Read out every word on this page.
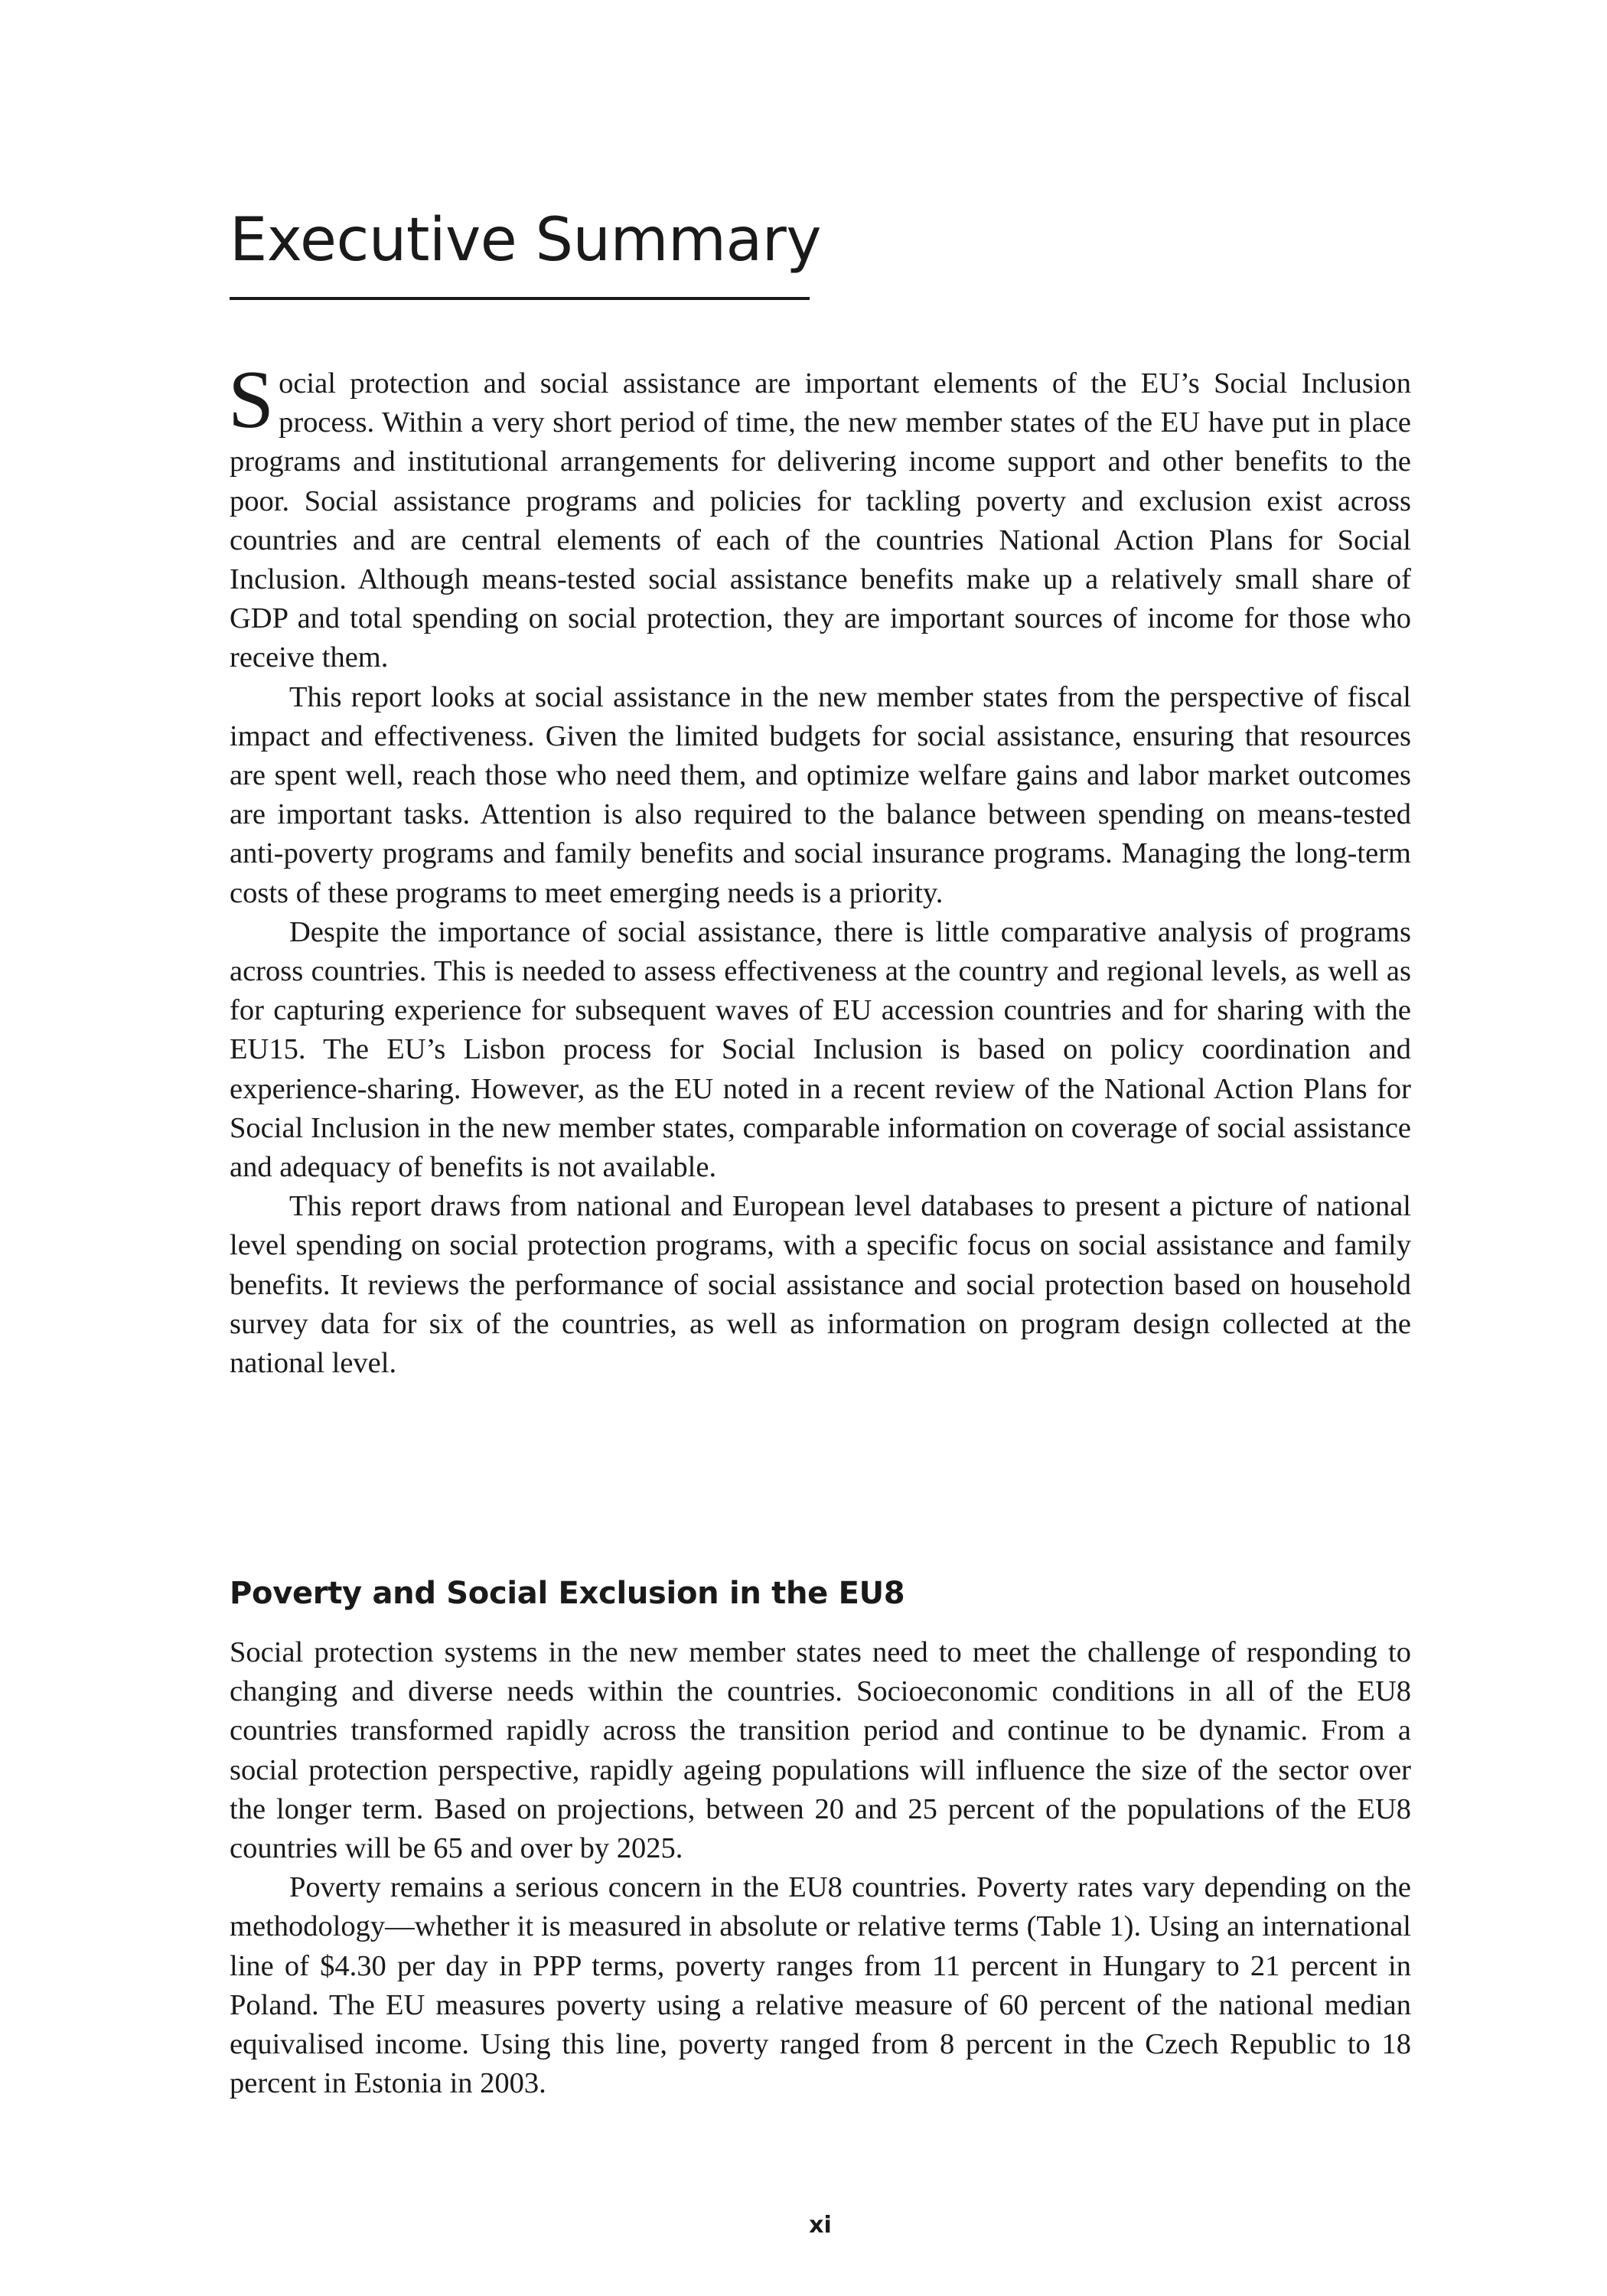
Executive Summary

Social protection and social assistance are important elements of the EU’s Social Inclusion process. Within a very short period of time, the new member states of the EU have put in place programs and institutional arrangements for delivering income support and other benefits to the poor. Social assistance programs and policies for tackling poverty and exclusion exist across countries and are central elements of each of the countries National Action Plans for Social Inclusion. Although means-tested social assistance benefits make up a relatively small share of GDP and total spending on social protection, they are important sources of income for those who receive them.

This report looks at social assistance in the new member states from the perspective of fiscal impact and effectiveness. Given the limited budgets for social assistance, ensuring that resources are spent well, reach those who need them, and optimize welfare gains and labor market outcomes are important tasks. Attention is also required to the balance between spending on means-tested anti-poverty programs and family benefits and social insurance programs. Managing the long-term costs of these programs to meet emerging needs is a priority.

Despite the importance of social assistance, there is little comparative analysis of programs across countries. This is needed to assess effectiveness at the country and regional levels, as well as for capturing experience for subsequent waves of EU accession countries and for sharing with the EU15. The EU’s Lisbon process for Social Inclusion is based on policy coordination and experience-sharing. However, as the EU noted in a recent review of the National Action Plans for Social Inclusion in the new member states, comparable information on coverage of social assistance and adequacy of benefits is not available.

This report draws from national and European level databases to present a picture of national level spending on social protection programs, with a specific focus on social assistance and family benefits. It reviews the performance of social assistance and social protection based on household survey data for six of the countries, as well as information on program design collected at the national level.

Poverty and Social Exclusion in the EU8

Social protection systems in the new member states need to meet the challenge of responding to changing and diverse needs within the countries. Socioeconomic conditions in all of the EU8 countries transformed rapidly across the transition period and continue to be dynamic. From a social protection perspective, rapidly ageing populations will influence the size of the sector over the longer term. Based on projections, between 20 and 25 percent of the populations of the EU8 countries will be 65 and over by 2025.

Poverty remains a serious concern in the EU8 countries. Poverty rates vary depending on the methodology—whether it is measured in absolute or relative terms (Table 1). Using an international line of $4.30 per day in PPP terms, poverty ranges from 11 percent in Hungary to 21 percent in Poland. The EU measures poverty using a relative measure of 60 percent of the national median equivalised income. Using this line, poverty ranged from 8 percent in the Czech Republic to 18 percent in Estonia in 2003.

xi
